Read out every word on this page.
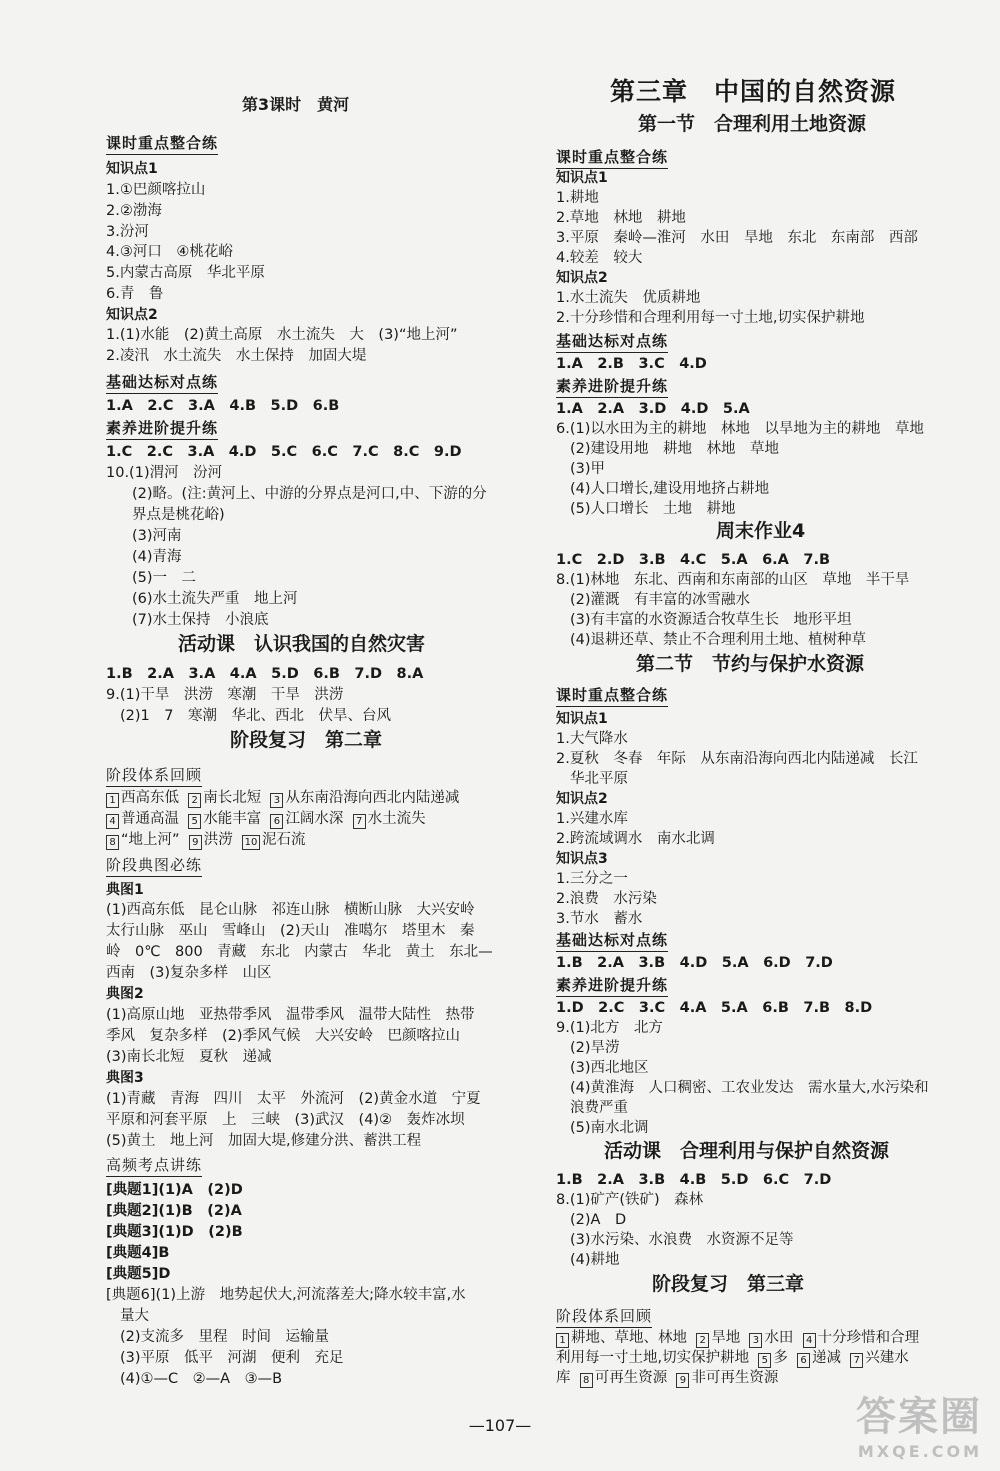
第3课时　黄河
课时重点整合练
知识点1
1.①巴颜喀拉山
2.②渤海
3.汾河
4.③河口　④桃花峪
5.内蒙古高原　华北平原
6.青　鲁
知识点2
1.(1)水能　(2)黄土高原　水土流失　大　(3)“地上河”
2.凌汛　水土流失　水土保持　加固大堤
基础达标对点练
1.A　2.C　3.A　4.B　5.D　6.B
素养进阶提升练
1.C　2.C　3.A　4.D　5.C　6.C　7.C　8.C　9.D
10.(1)渭河　汾河
(2)略。(注:黄河上、中游的分界点是河口,中、下游的分
界点是桃花峪)
(3)河南
(4)青海
(5)一　二
(6)水土流失严重　地上河
(7)水土保持　小浪底
活动课　认识我国的自然灾害
1.B　2.A　3.A　4.A　5.D　6.B　7.D　8.A
9.(1)干旱　洪涝　寒潮　干旱　洪涝
(2)1　7　寒潮　华北、西北　伏旱、台风
阶段复习　第二章
阶段体系回顾
1 西高东低 2 南长北短 3 从东南沿海向西北内陆递减
4 普通高温 5 水能丰富 6 江阔水深 7 水土流失
8 “地上河” 9 洪涝 10 泥石流
阶段典图必练
典图1
(1)西高东低　昆仑山脉　祁连山脉　横断山脉　大兴安岭
太行山脉　巫山　雪峰山　(2)天山　准噶尔　塔里木　秦
岭　0℃　800　青藏　东北　内蒙古　华北　黄土　东北—
西南　(3)复杂多样　山区
典图2
(1)高原山地　亚热带季风　温带季风　温带大陆性　热带
季风　复杂多样　(2)季风气候　大兴安岭　巴颜喀拉山
(3)南长北短　夏秋　递减
典图3
(1)青藏　青海　四川　太平　外流河　(2)黄金水道　宁夏
平原和河套平原　上　三峡　(3)武汉　(4)②　轰炸冰坝
(5)黄土　地上河　加固大堤,修建分洪、蓄洪工程
高频考点讲练
[典题1](1)A　(2)D
[典题2](1)B　(2)A
[典题3](1)D　(2)B
[典题4]B
[典题5]D
[典题6](1)上游　地势起伏大,河流落差大;降水较丰富,水
量大
(2)支流多　里程　时间　运输量
(3)平原　低平　河湖　便利　充足
(4)①—C　②—A　③—B
第三章　中国的自然资源
第一节　合理利用土地资源
课时重点整合练
知识点1
1.耕地
2.草地　林地　耕地
3.平原　秦岭—淮河　水田　旱地　东北　东南部　西部
4.较差　较大
知识点2
1.水土流失　优质耕地
2.十分珍惜和合理利用每一寸土地,切实保护耕地
基础达标对点练
1.A　2.B　3.C　4.D
素养进阶提升练
1.A　2.A　3.D　4.D　5.A
6.(1)以水田为主的耕地　林地　以旱地为主的耕地　草地
(2)建设用地　耕地　林地　草地
(3)甲
(4)人口增长,建设用地挤占耕地
(5)人口增长　土地　耕地
周末作业4
1.C　2.D　3.B　4.C　5.A　6.A　7.B
8.(1)林地　东北、西南和东南部的山区　草地　半干旱
(2)灌溉　有丰富的冰雪融水
(3)有丰富的水资源适合牧草生长　地形平坦
(4)退耕还草、禁止不合理利用土地、植树种草
第二节　节约与保护水资源
课时重点整合练
知识点1
1.大气降水
2.夏秋　冬春　年际　从东南沿海向西北内陆递减　长江
华北平原
知识点2
1.兴建水库
2.跨流域调水　南水北调
知识点3
1.三分之一
2.浪费　水污染
3.节水　蓄水
基础达标对点练
1.B　2.A　3.B　4.D　5.A　6.D　7.D
素养进阶提升练
1.D　2.C　3.C　4.A　5.A　6.B　7.B　8.D
9.(1)北方　北方
(2)旱涝
(3)西北地区
(4)黄淮海　人口稠密、工农业发达　需水量大,水污染和
浪费严重
(5)南水北调
活动课　合理利用与保护自然资源
1.B　2.A　3.B　4.B　5.D　6.C　7.D
8.(1)矿产(铁矿)　森林
(2)A　D
(3)水污染、水浪费　水资源不足等
(4)耕地
阶段复习　第三章
阶段体系回顾
1 耕地、草地、林地 2 旱地 3 水田 4 十分珍惜和合理
利用每一寸土地,切实保护耕地 5 多 6 递减 7 兴建水
库 8 可再生资源 9 非可再生资源
—107—	答案圈
MXQE.COM
